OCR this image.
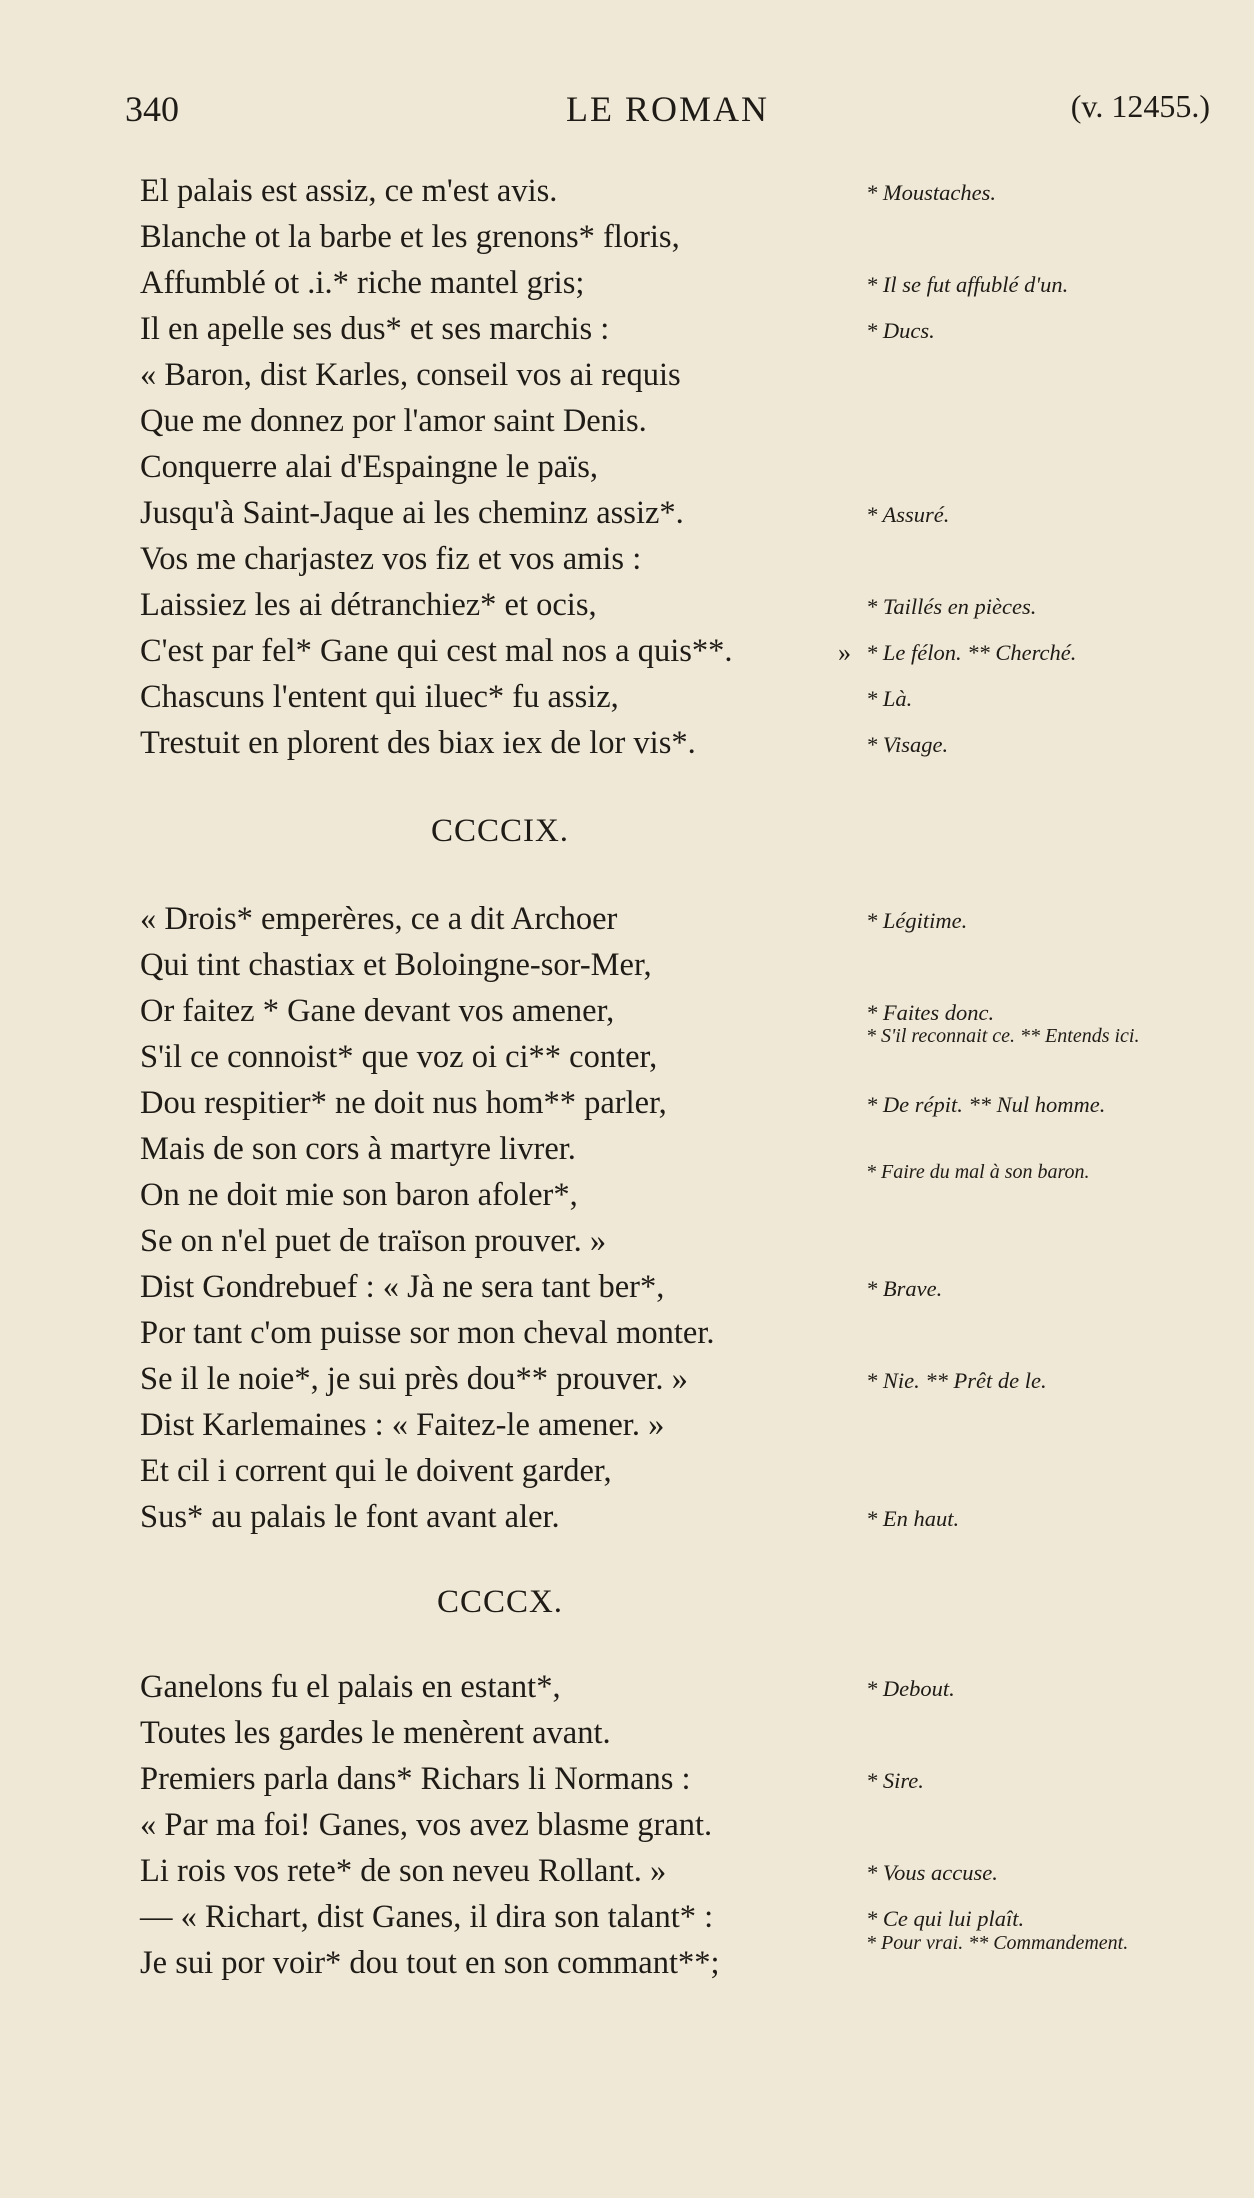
340	LE ROMAN	(v. 12455.)
El palais est assiz, ce m'est avis.
Blanche ot la barbe et les grenons* floris,
Affumblé ot .i.* riche mantel gris;
Il en apelle ses dus* et ses marchis :
« Baron, dist Karles, conseil vos ai requis
Que me donnez por l'amor saint Denis.
Conquerre alai d'Espaingne le païs,
Jusqu'à Saint-Jaque ai les cheminz assiz*.
Vos me charjastez vos fiz et vos amis :
Laissiez les ai détranchiez* et ocis,
C'est par fel* Gane qui cest mal nos a quis**.
Chascuns l'entent qui iluec* fu assiz,
Trestuit en plorent des biax iex de lor vis*.
»
* Moustaches.
* Il se fut affublé d'un.
* Ducs.
* Assuré.
* Taillés en pièces.
* Le félon. ** Cherché.
* Là.
* Visage.
CCCCIX.
« Drois* emperères, ce a dit Archoer
Qui tint chastiax et Boloingne-sor-Mer,
Or faitez * Gane devant vos amener,
S'il ce connoist* que voz oi ci** conter,
Dou respitier* ne doit nus hom** parler,
Mais de son cors à martyre livrer.
On ne doit mie son baron afoler*,
Se on n'el puet de traïson prouver. »
Dist Gondrebuef : « Jà ne sera tant ber*,
Por tant c'om puisse sor mon cheval monter.
Se il le noie*, je sui près dou** prouver. »
Dist Karlemaines : « Faitez-le amener. »
Et cil i corrent qui le doivent garder,
Sus* au palais le font avant aler.
* Légitime.
* Faites donc.
* S'il reconnait ce. ** Entends ici.
* De répit. ** Nul homme.
* Faire du mal à son baron.
* Brave.
* Nie. ** Prêt de le.
* En haut.
CCCCX.
Ganelons fu el palais en estant*,
Toutes les gardes le menèrent avant.
Premiers parla dans* Richars li Normans :
« Par ma foi! Ganes, vos avez blasme grant.
Li rois vos rete* de son neveu Rollant. »
— « Richart, dist Ganes, il dira son talant* :
Je sui por voir* dou tout en son commant**;
* Debout.
* Sire.
* Vous accuse.
* Ce qui lui plaît.
* Pour vrai. ** Commandement.
